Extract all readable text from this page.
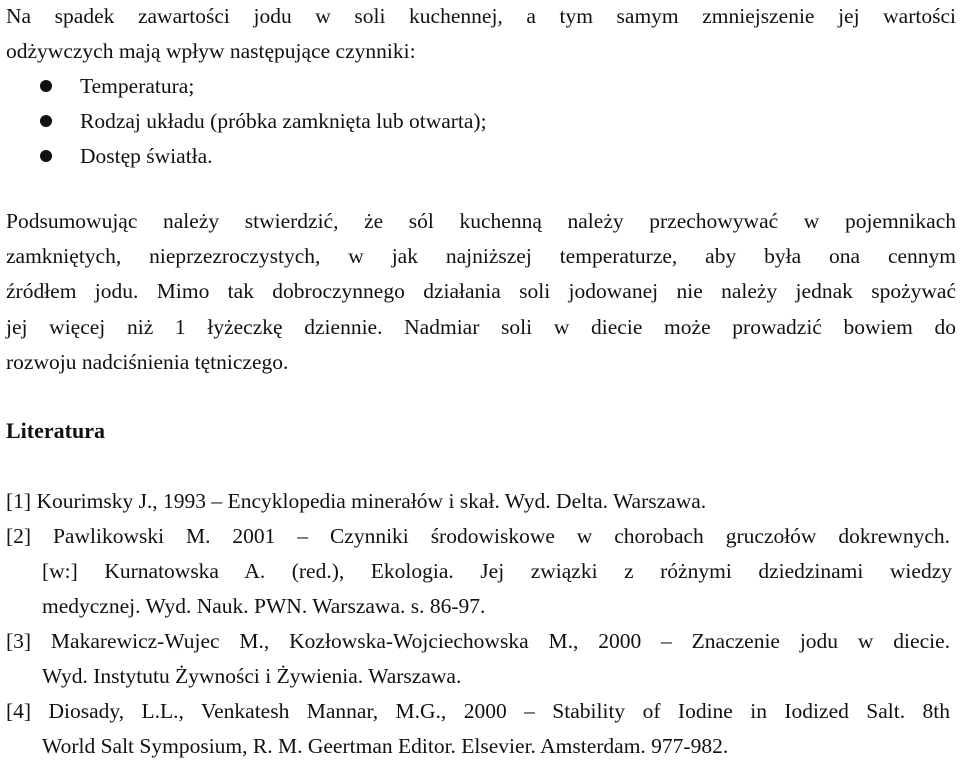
Na spadek zawartości jodu w soli kuchennej, a tym samym zmniejszenie jej wartości
odżywczych mają wpływ następujące czynniki:
Temperatura;
Rodzaj układu (próbka zamknięta lub otwarta);
Dostęp światła.
Podsumowując należy stwierdzić, że sól kuchenną należy przechowywać w pojemnikach
zamkniętych, nieprzezroczystych, w jak najniższej temperaturze, aby była ona cennym
źródłem jodu. Mimo tak dobroczynnego działania soli jodowanej nie należy jednak spożywać
jej więcej niż 1 łyżeczkę dziennie. Nadmiar soli w diecie może prowadzić bowiem do
rozwoju nadciśnienia tętniczego.
Literatura
[1] Kourimsky J., 1993 – Encyklopedia minerałów i skał. Wyd. Delta. Warszawa.
[2] Pawlikowski M. 2001 – Czynniki środowiskowe w chorobach gruczołów dokrewnych.
[w:] Kurnatowska A. (red.), Ekologia. Jej związki z różnymi dziedzinami wiedzy
medycznej. Wyd. Nauk. PWN. Warszawa. s. 86-97.
[3] Makarewicz-Wujec M., Kozłowska-Wojciechowska M., 2000 – Znaczenie jodu w diecie.
Wyd. Instytutu Żywności i Żywienia. Warszawa.
[4] Diosady, L.L., Venkatesh Mannar, M.G., 2000 – Stability of Iodine in Iodized Salt. 8th
World Salt Symposium, R. M. Geertman Editor. Elsevier. Amsterdam. 977-982.
